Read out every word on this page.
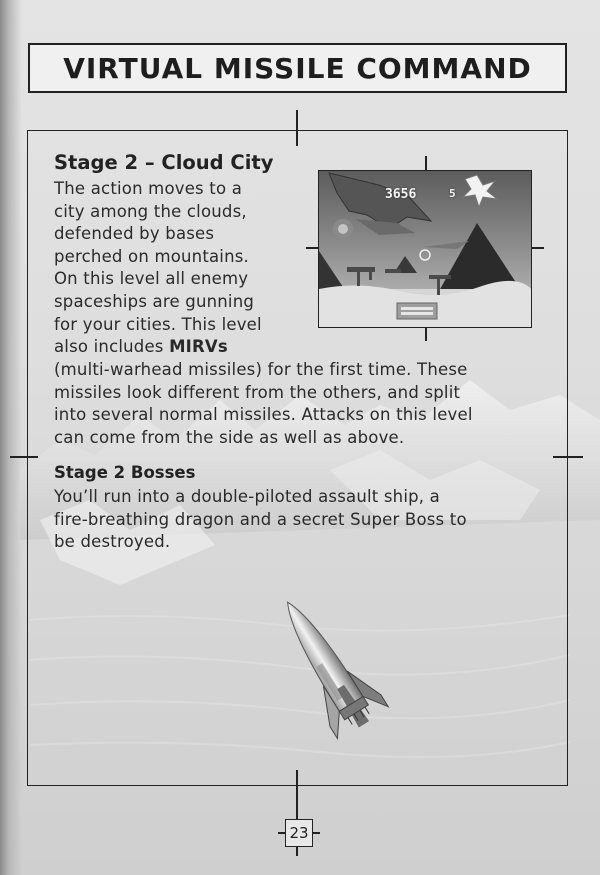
VIRTUAL MISSILE COMMAND
3656	5
Stage 2 – Cloud City
The action moves to a
city among the clouds,
defended by bases
perched on mountains.
On this level all enemy
spaceships are gunning
for your cities. This level
also includes MIRVs
(multi-warhead missiles) for the first time. These
missiles look different from the others, and split
into several normal missiles. Attacks on this level
can come from the side as well as above.
Stage 2 Bosses
You’ll run into a double-piloted assault ship, a
fire-breathing dragon and a secret Super Boss to
be destroyed.
23
